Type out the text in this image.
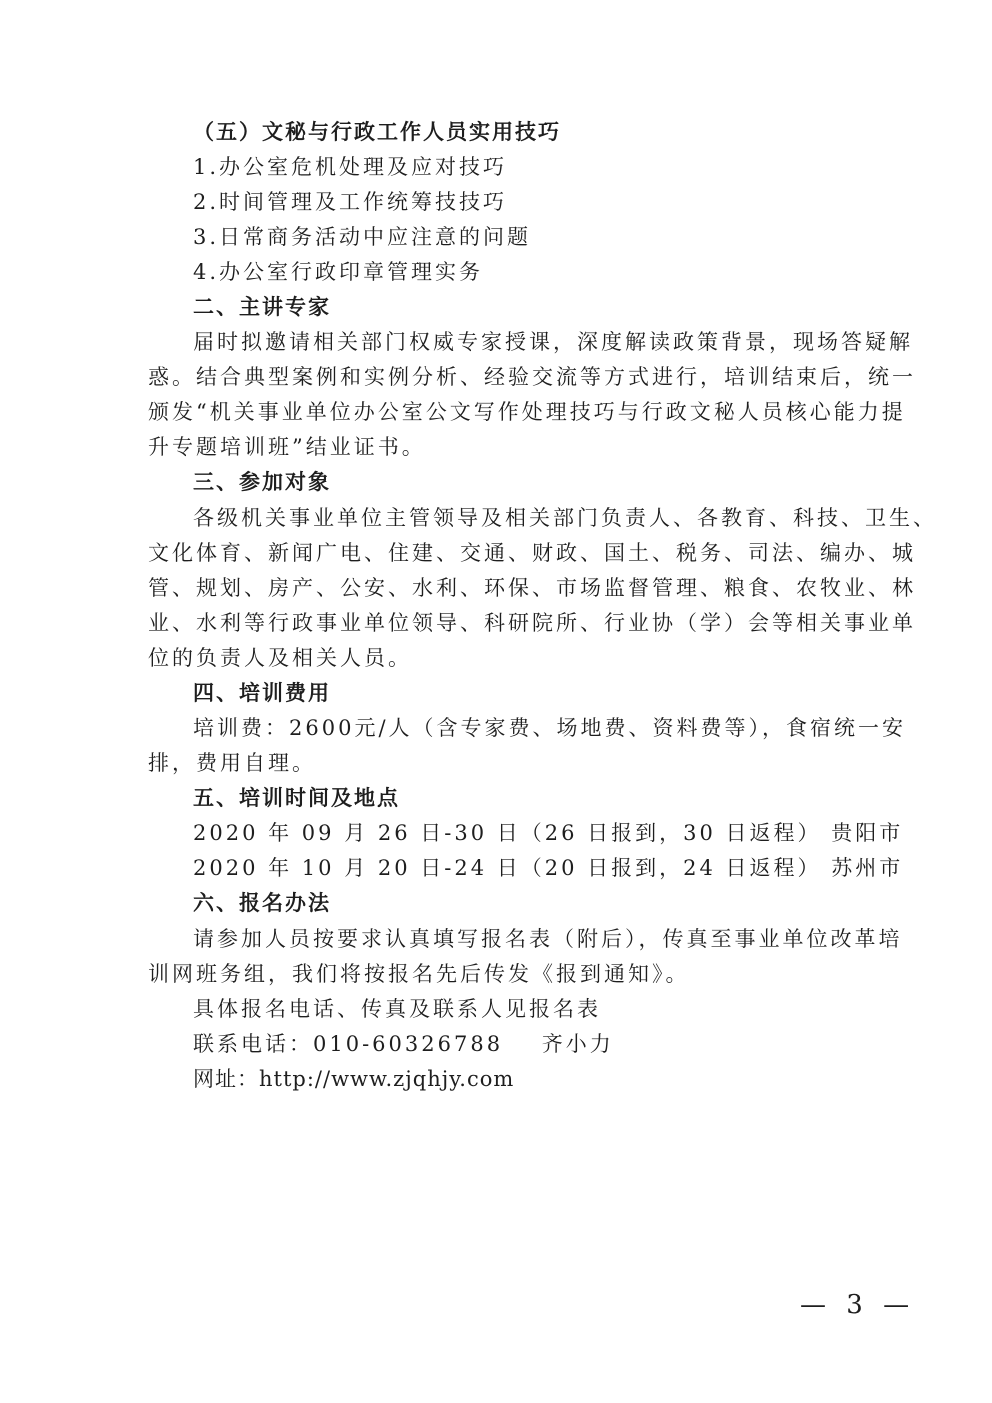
（五）文秘与行政工作人员实用技巧
1.办公室危机处理及应对技巧
2.时间管理及工作统筹技技巧
3.日常商务活动中应注意的问题
4.办公室行政印章管理实务
二、主讲专家
届时拟邀请相关部门权威专家授课，深度解读政策背景，现场答疑解
惑。结合典型案例和实例分析、经验交流等方式进行，培训结束后，统一
颁发“机关事业单位办公室公文写作处理技巧与行政文秘人员核心能力提
升专题培训班”结业证书。
三、参加对象
各级机关事业单位主管领导及相关部门负责人、各教育、科技、卫生、
文化体育、新闻广电、住建、交通、财政、国土、税务、司法、编办、城
管、规划、房产、公安、水利、环保、市场监督管理、粮食、农牧业、林
业、水利等行政事业单位领导、科研院所、行业协（学）会等相关事业单
位的负责人及相关人员。
四、培训费用
培训费：2600元/人（含专家费、场地费、资料费等），食宿统一安
排，费用自理。
五、培训时间及地点
2020 年 09 月 26 日-30 日（26 日报到，30 日返程） 贵阳市
2020 年 10 月 20 日-24 日（20 日报到，24 日返程） 苏州市
六、报名办法
请参加人员按要求认真填写报名表（附后），传真至事业单位改革培
训网班务组，我们将按报名先后传发《报到通知》。
具体报名电话、传真及联系人见报名表
联系电话：010-60326788    齐小力
网址：http://www.zjqhjy.com
— 3 —
